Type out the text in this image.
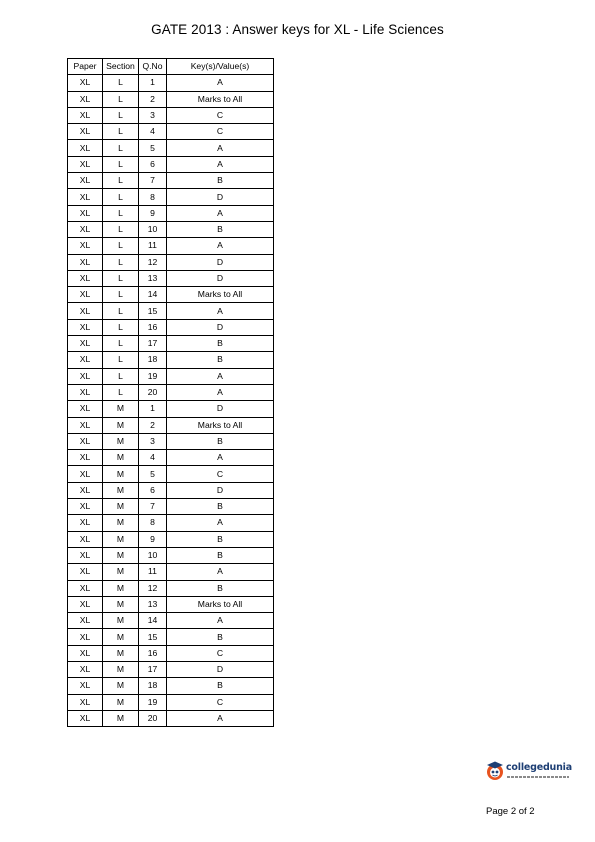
GATE 2013 : Answer keys for XL - Life Sciences
Paper	Section	Q.No	Key(s)/Value(s)
XL	L	1	A
XL	L	2	Marks to All
XL	L	3	C
XL	L	4	C
XL	L	5	A
XL	L	6	A
XL	L	7	B
XL	L	8	D
XL	L	9	A
XL	L	10	B
XL	L	11	A
XL	L	12	D
XL	L	13	D
XL	L	14	Marks to All
XL	L	15	A
XL	L	16	D
XL	L	17	B
XL	L	18	B
XL	L	19	A
XL	L	20	A
XL	M	1	D
XL	M	2	Marks to All
XL	M	3	B
XL	M	4	A
XL	M	5	C
XL	M	6	D
XL	M	7	B
XL	M	8	A
XL	M	9	B
XL	M	10	B
XL	M	11	A
XL	M	12	B
XL	M	13	Marks to All
XL	M	14	A
XL	M	15	B
XL	M	16	C
XL	M	17	D
XL	M	18	B
XL	M	19	C
XL	M	20	A
collegedunia
Page 2 of 2
